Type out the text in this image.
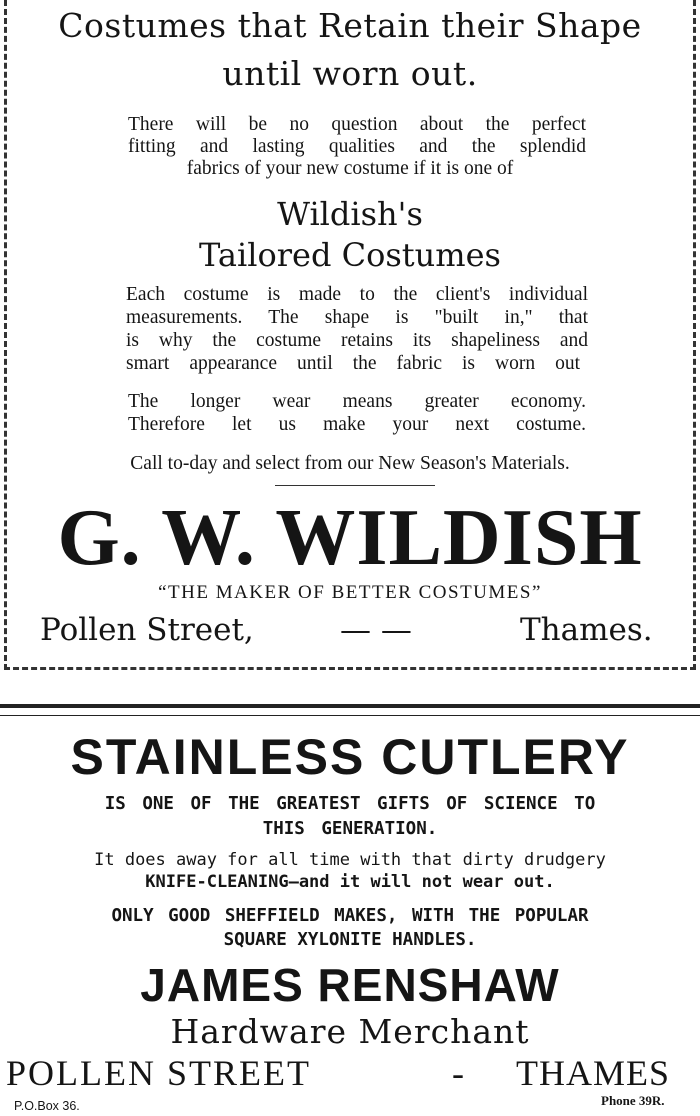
Costumes that Retain their Shape
until worn out.
There will be no question about the perfect
fitting and lasting qualities and the splendid
fabrics of your new costume if it is one of
Wildish's
Tailored Costumes
Each costume is made to the client's individual
measurements. The shape is "built in," that
is why the costume retains its shapeliness and
smart appearance until the fabric is worn out
The longer wear means greater economy.
Therefore let us make your next costume.
Call to-day and select from our New Season's Materials.
G. W. WILDISH
“THE MAKER OF BETTER COSTUMES”
Pollen Street,	— —	Thames.
STAINLESS CUTLERY
IS ONE OF THE GREATEST GIFTS OF SCIENCE TO
THIS GENERATION.
It does away for all time with that dirty drudgery
KNIFE-CLEANING—and it will not wear out.
ONLY GOOD SHEFFIELD MAKES, WITH THE POPULAR
SQUARE XYLONITE HANDLES.
JAMES RENSHAW
Hardware Merchant
POLLEN STREET	- THAMES
P.O.Box 36.	Phone 39R.
